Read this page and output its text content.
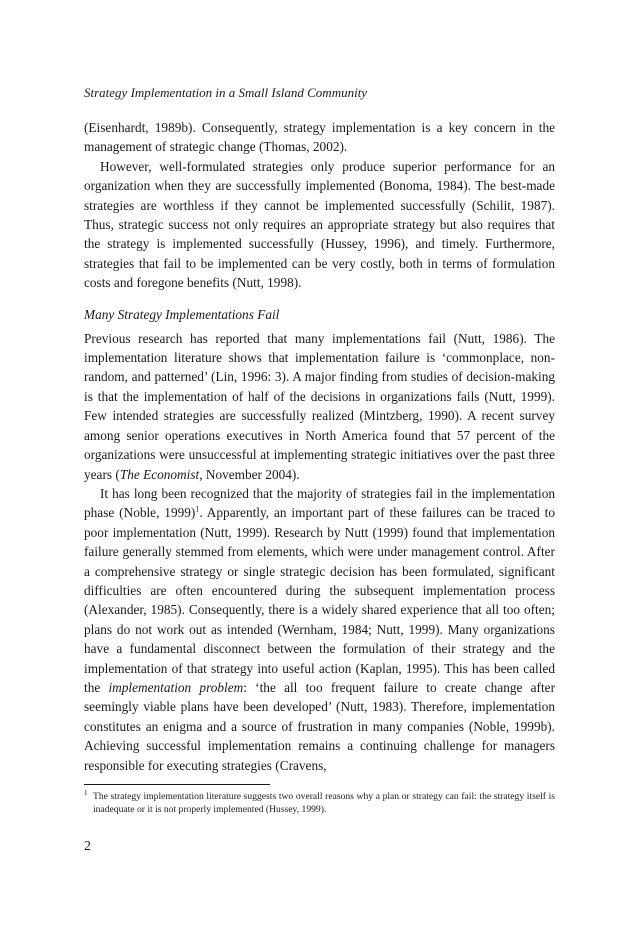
Strategy Implementation in a Small Island Community

(Eisenhardt, 1989b). Consequently, strategy implementation is a key concern in the management of strategic change (Thomas, 2002).

However, well-formulated strategies only produce superior performance for an organization when they are successfully implemented (Bonoma, 1984). The best-made strategies are worthless if they cannot be implemented successfully (Schilit, 1987). Thus, strategic success not only requires an appropriate strategy but also requires that the strategy is implemented successfully (Hussey, 1996), and timely. Furthermore, strategies that fail to be implemented can be very costly, both in terms of formulation costs and foregone benefits (Nutt, 1998).

Many Strategy Implementations Fail

Previous research has reported that many implementations fail (Nutt, 1986). The implementation literature shows that implementation failure is ‘commonplace, non-random, and patterned’ (Lin, 1996: 3). A major finding from studies of decision-making is that the implementation of half of the decisions in organizations fails (Nutt, 1999). Few intended strategies are successfully realized (Mintzberg, 1990). A recent survey among senior operations executives in North America found that 57 percent of the organizations were unsuccessful at implementing strategic initiatives over the past three years (The Economist, November 2004).

It has long been recognized that the majority of strategies fail in the implementation phase (Noble, 1999)$^1$. Apparently, an important part of these failures can be traced to poor implementation (Nutt, 1999). Research by Nutt (1999) found that implementation failure generally stemmed from elements, which were under management control. After a comprehensive strategy or single strategic decision has been formulated, significant difficulties are often encountered during the subsequent implementation process (Alexander, 1985). Consequently, there is a widely shared experience that all too often; plans do not work out as intended (Wernham, 1984; Nutt, 1999). Many organizations have a fundamental disconnect between the formulation of their strategy and the implementation of that strategy into useful action (Kaplan, 1995). This has been called the implementation problem: ‘the all too frequent failure to create change after seemingly viable plans have been developed’ (Nutt, 1983). Therefore, implementation constitutes an enigma and a source of frustration in many companies (Noble, 1999b). Achieving successful implementation remains a continuing challenge for managers responsible for executing strategies (Cravens,

1 The strategy implementation literature suggests two overall reasons why a plan or strategy can fail: the strategy itself is inadequate or it is not properly implemented (Hussey, 1999).
2
